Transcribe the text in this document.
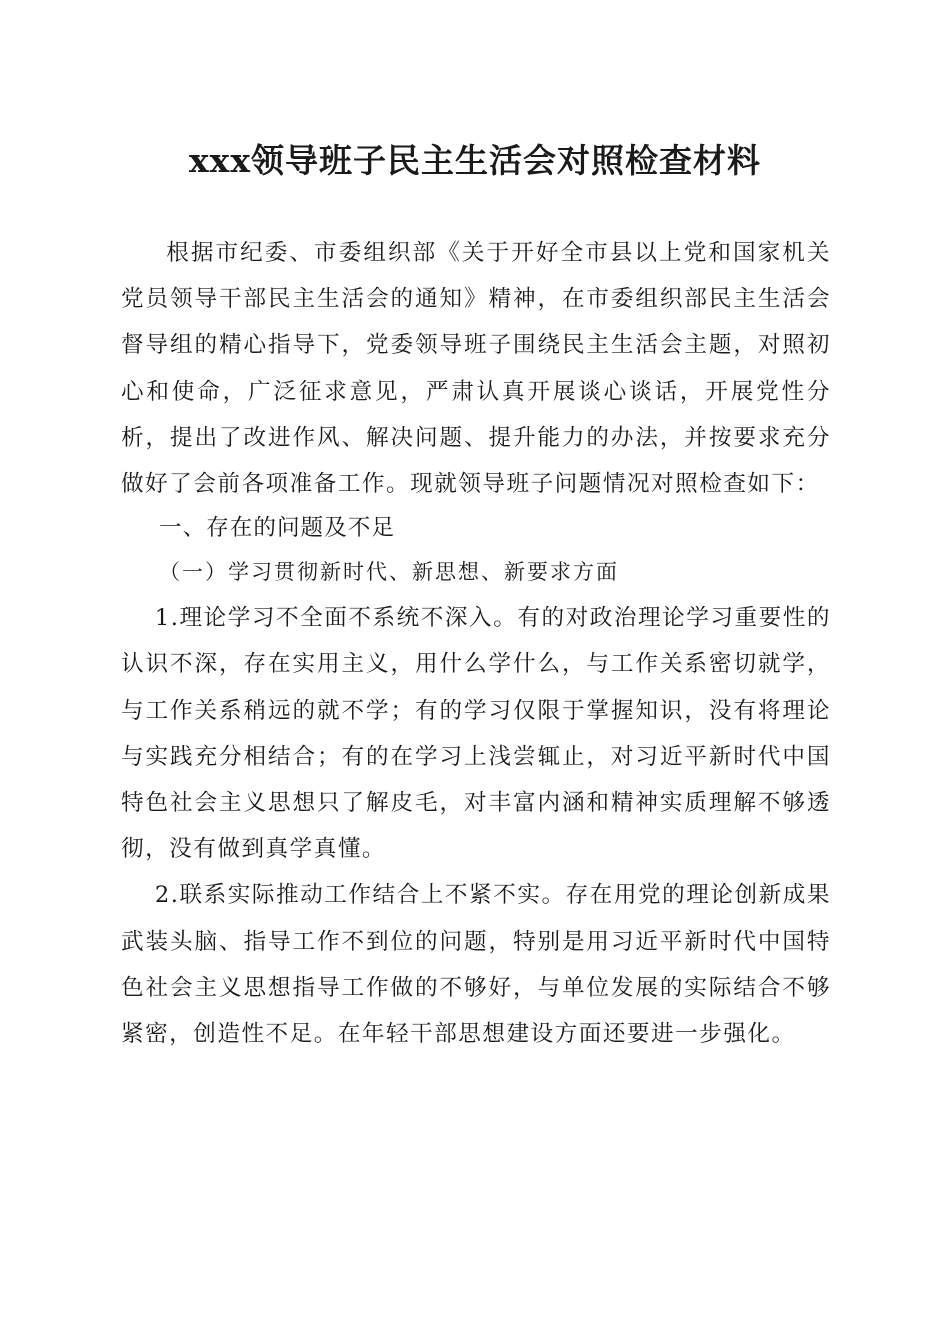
xxx领导班子民主生活会对照检查材料

根据市纪委、市委组织部《关于开好全市县以上党和国家机关党员领导干部民主生活会的通知》精神，在市委组织部民主生活会督导组的精心指导下，党委领导班子围绕民主生活会主题，对照初心和使命，广泛征求意见，严肃认真开展谈心谈话，开展党性分析，提出了改进作风、解决问题、提升能力的办法，并按要求充分做好了会前各项准备工作。现就领导班子问题情况对照检查如下：

一、存在的问题及不足

（一）学习贯彻新时代、新思想、新要求方面

1.理论学习不全面不系统不深入。有的对政治理论学习重要性的认识不深，存在实用主义，用什么学什么，与工作关系密切就学，与工作关系稍远的就不学；有的学习仅限于掌握知识，没有将理论与实践充分相结合；有的在学习上浅尝辄止，对习近平新时代中国特色社会主义思想只了解皮毛，对丰富内涵和精神实质理解不够透彻，没有做到真学真懂。

2.联系实际推动工作结合上不紧不实。存在用党的理论创新成果武装头脑、指导工作不到位的问题，特别是用习近平新时代中国特色社会主义思想指导工作做的不够好，与单位发展的实际结合不够紧密，创造性不足。在年轻干部思想建设方面还要进一步强化。
